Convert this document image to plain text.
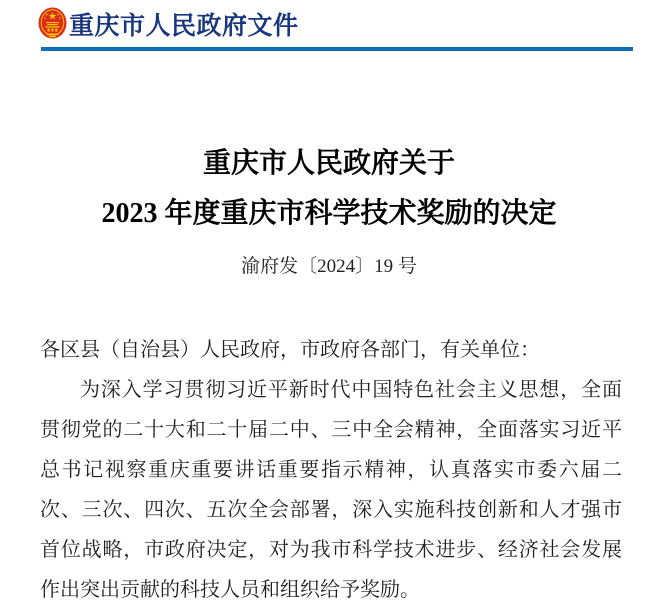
重庆市人民政府文件
重庆市人民政府关于
2023 年度重庆市科学技术奖励的决定
渝府发〔2024〕19 号

各区县（自治县）人民政府，市政府各部门，有关单位：

为深入学习贯彻习近平新时代中国特色社会主义思想，全面
贯彻党的二十大和二十届二中、三中全会精神，全面落实习近平
总书记视察重庆重要讲话重要指示精神，认真落实市委六届二
次、三次、四次、五次全会部署，深入实施科技创新和人才强市
首位战略，市政府决定，对为我市科学技术进步、经济社会发展
作出突出贡献的科技人员和组织给予奖励。
